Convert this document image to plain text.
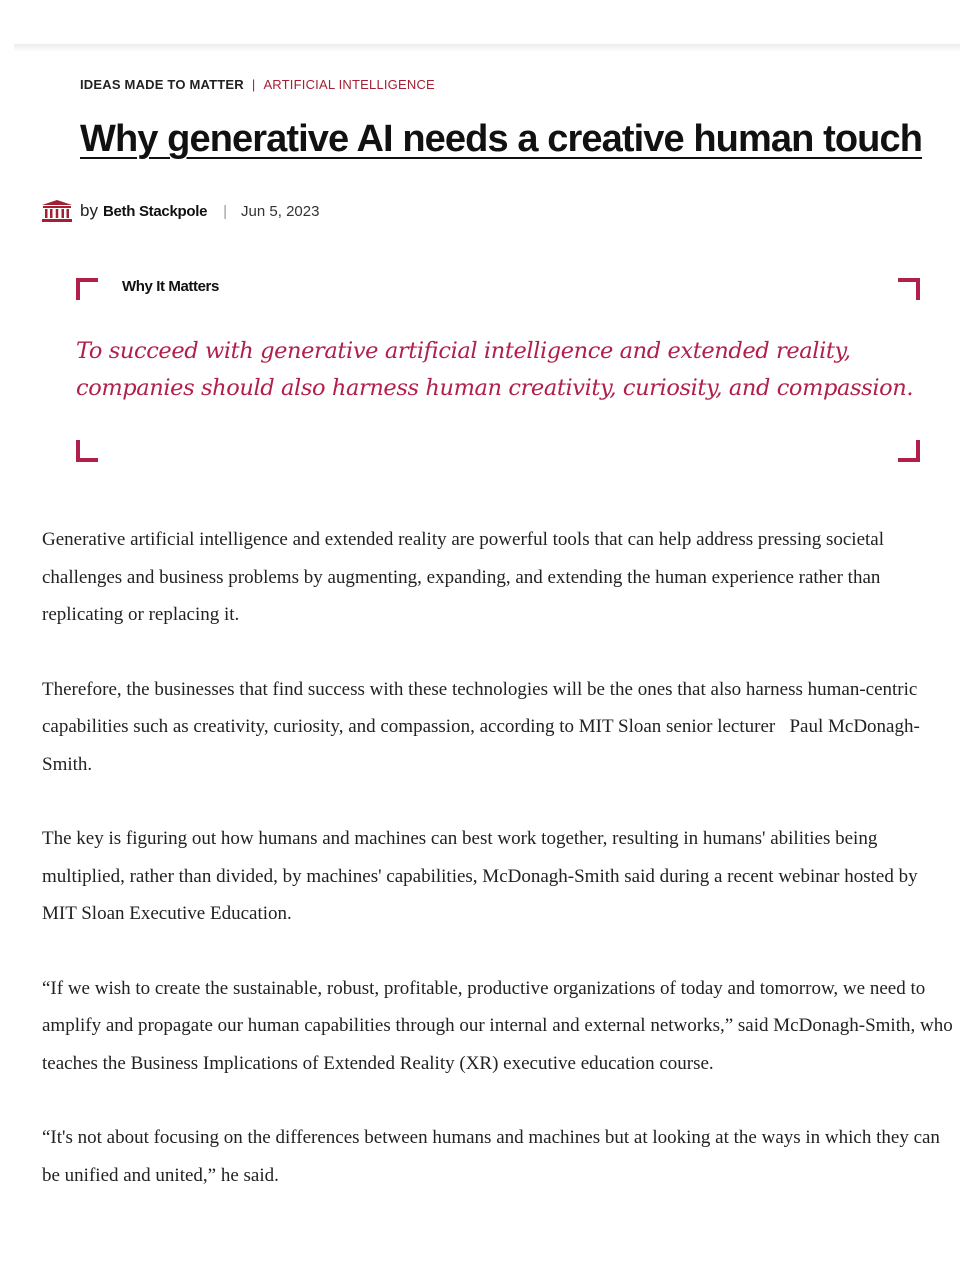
IDEAS MADE TO MATTER | ARTIFICIAL INTELLIGENCE
Why generative AI needs a creative human touch
by Beth Stackpole | Jun 5, 2023
Why It Matters

To succeed with generative artificial intelligence and extended reality,
companies should also harness human creativity, curiosity, and compassion.

Generative artificial intelligence and extended reality are powerful tools that can help address pressing societal challenges and business problems by augmenting, expanding, and extending the human experience rather than replicating or replacing it.

Therefore, the businesses that find success with these technologies will be the ones that also harness human-centric capabilities such as creativity, curiosity, and compassion, according to MIT Sloan senior lecturer Paul McDonagh-Smith.

The key is figuring out how humans and machines can best work together, resulting in humans' abilities being multiplied, rather than divided, by machines' capabilities, McDonagh-Smith said during a recent webinar hosted by MIT Sloan Executive Education.

“If we wish to create the sustainable, robust, profitable, productive organizations of today and tomorrow, we need to amplify and propagate our human capabilities through our internal and external networks,” said McDonagh-Smith, who teaches the Business Implications of Extended Reality (XR) executive education course.

“It's not about focusing on the differences between humans and machines but at looking at the ways in which they can be unified and united,” he said.
